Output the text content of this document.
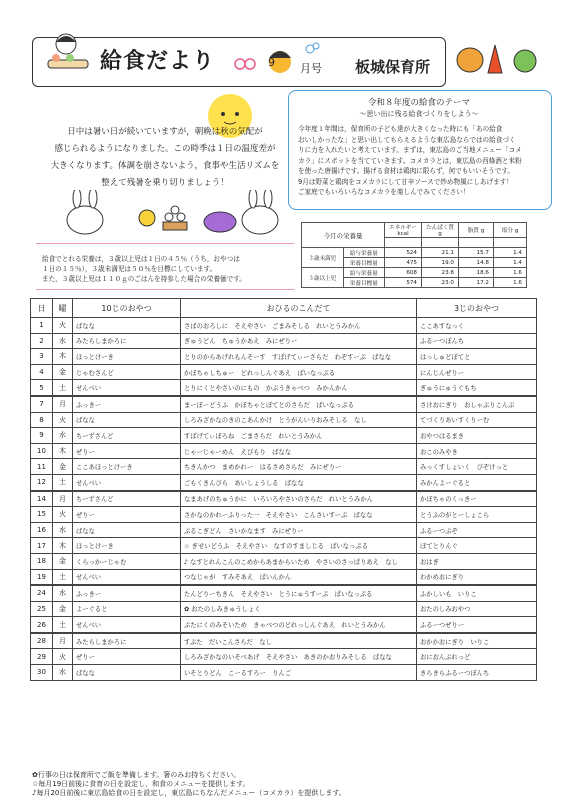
給食だより	9 月号 板城保育所
日中は暑い日が続いていますが，朝晩は秋の気配が
感じられるようになりました。この時季は１日の温度差が
大きくなります。体調を崩さないよう，食事や生活リズムを
整えて残暑を乗り切りましょう！
令和８年度の給食のテーマ
～思い出に残る給食づくりをしよう～
今年度１年間は，保育所の子ども達が大きくなった時にも「あの給食
おいしかったな」と思い出してもらえるような東広島ならではの給食づく
りに力を入れたいと考えています。まずは，東広島のご当地メニュー「コメ
カラ」にスポットを当てていきます。コメカラとは，東広島の西條酒と米粉
を使った唐揚げです。揚げる食材は鶏肉に限らず，何でもいいそうです。
9月は野菜と鶏肉をコメカラにして甘辛ソースで炒め物風にしあげます！
ご家庭でもいろいろなコメカラを楽しんでみてください！
今月の栄養量		エネルギー kcal	たんぱく質 g	脂質 g	塩分 g

３歳未満児	給与栄養量	524	21.1	15.7	1.4
	栄養目標量	475	19.0	14.8	1.4
３歳以上児	給与栄養量	608	23.8	18.6	1.6
	栄養目標量	574	23.0	17.2	1.6
給食でとれる栄養は，３歳以上児は１日の４５％（うち，おやつは
１日の１５％），３歳未満児は５０％を目標にしています。
また，３歳以上児は１１０ｇのごはんを持参した場合の栄養価です。
日	曜	10じのおやつ	おひるのこんだて	3じのおやつ
1	火	ばなな	さばのおろしに　そえやさい　ごまみそしる　れいとうみかん	ここあすなっく
2	水	みたらしまかろに	ぎゅうどん　ちゅうかあえ　みにぜりー	ふるーつぽんち
3	木	ほっとけーき	とりのからあげれもんそーす　すぱげてぃーさらだ　わぞすーぷ　ばなな	はっしゅどぽてと
4	金	じゃむさんど	かぼちゃしちゅー　どれっしんぐあえ　ぱいなっぷる	にんじんぜりー
5	土	せんべい	とりにくとやさいのにもの　かぶうきゃべつ　みかんかん	ぎゅうにゅうぐもち
7	月	ふっきー	まーぼーどうふ　かぼちゃとぽてとのさらだ　ぱいなっぷる	さけおにぎり　おしゃぶりこんぶ
8	火	ばなな	しろみざかなのきのこあんかけ　とうがんいりおみそしる　なし	てづくりあいすくりーむ
9	水	ちーずさんど	すぱげてぃぼろね　ごまさらだ　れいとうみかん	おやつはるまき
10	木	ぜりー	じゃーじゃーめん　えびもり　ばなな	おこのみやき
11	金	ここあほっとけーき	ちきんかつ　まめかれー　はるさめさらだ　みにぜりー	みっくすしょいく　ぴぞけっと
12	土	せんべい	ごもくきんぴら　あいしょうしる　ばなな	みかんよーぐると
14	月	ちーずさんど	なまあげのちゅうかに　いろいろやさいのさらだ　れいとうみかん	かぼちゃのくっきー
15	火	ぜりー	さかなのかれーふりった一　そえやさい　こんさいすーぷ　ばなな	とうふのがとーしょこら
16	水	ばなな	ぶるこぎどん　さいかなます　みにぜりー	ふるーつぶぞ
17	木	ほっとけーき	☆ ぎせいどうふ　そえやさい　なすのすましじる　ぱいなっぷる	ぽてとりんぐ
18	金	くらっかーじゃむ	♪ なすとれんこんのこめからあまからいため　やさいのさっぱりあえ　なし	おはぎ
19	土	せんべい	つなじゃが　すみそあえ　ぱいんかん	わかめおにぎり
24	水	ふっきー	たんどりーちきん　そえやさい　とうにゅうすーぷ　ぱいなっぷる	ふかしいも　いりこ
25	金	よーぐると	✿ おたのしみきゅうしょく	おたのしみおやつ
26	土	せんべい	ぶたにくのみそいため　きゃべつのどれっしんぐあえ　れいとうみかん	ふるーつぜりー
28	月	みたらしまかろに	すぶた　だいこんさらだ　なし	おかかおにぎり　いりこ
29	火	ぜりー	しろみざかなのいそべあげ　そえやさい　あきのかおりみそしる　ばなな	おにおんぶれっど
30	水	ばなな	いそとりどん　こーるすろー　りんご	きらきらふるーつぽんち
✿行事の日は保育所でご飯を準備します。箸のみお持ちください。
☆毎月19日前後に食育の日を設定し，和食のメニューを提供します。
♪毎月20日前後に東広島給食の日を設定し，東広島にちなんだメニュー（コメカラ）を提供します。
